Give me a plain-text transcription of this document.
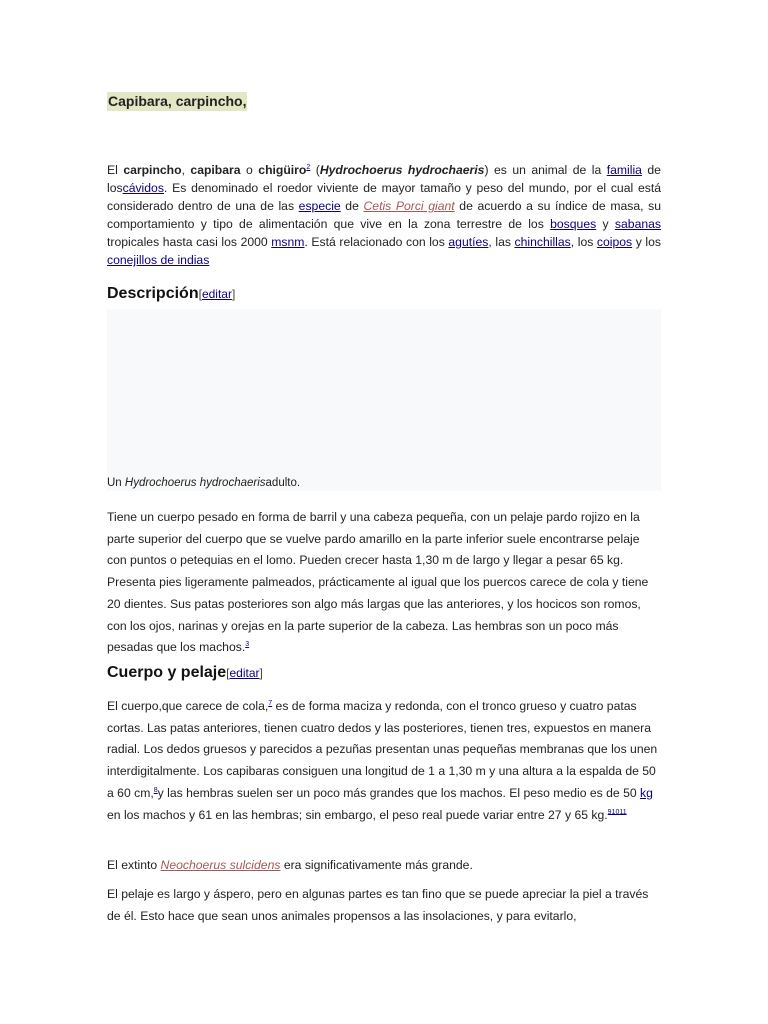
Capibara, carpincho,

El carpincho, capibara o chigüiro$^2$ (Hydrochoerus hydrochaeris) es un animal de la familia de loscávidos. Es denominado el roedor viviente de mayor tamaño y peso del mundo, por el cual está considerado dentro de una de las especie de Cetis Porci giant de acuerdo a su índice de masa, su comportamiento y tipo de alimentación que vive en la zona terrestre de los bosques y sabanas tropicales hasta casi los 2000 msnm. Está relacionado con los agutíes, las chinchillas, los coipos y los conejillos de indias

Descripción[editar]
Un Hydrochoerus hydrochaerisadulto.

Tiene un cuerpo pesado en forma de barril y una cabeza pequeña, con un pelaje pardo rojizo en la parte superior del cuerpo que se vuelve pardo amarillo en la parte inferior suele encontrarse pelaje con puntos o petequias en el lomo. Pueden crecer hasta 1,30 m de largo y llegar a pesar 65 kg. Presenta pies ligeramente palmeados, prácticamente al igual que los puercos carece de cola y tiene 20 dientes. Sus patas posteriores son algo más largas que las anteriores, y los hocicos son romos, con los ojos, narinas y orejas en la parte superior de la cabeza. Las hembras son un poco más pesadas que los machos.$^3$

Cuerpo y pelaje[editar]

El cuerpo,que carece de cola,$^7$ es de forma maciza y redonda, con el tronco grueso y cuatro patas cortas. Las patas anteriores, tienen cuatro dedos y las posteriores, tienen tres, expuestos en manera radial. Los dedos gruesos y parecidos a pezuñas presentan unas pequeñas membranas que los unen interdigitalmente. Los capibaras consiguen una longitud de 1 a 1,30 m y una altura a la espalda de 50 a 60 cm,$^8$y las hembras suelen ser un poco más grandes que los machos. El peso medio es de 50 kg en los machos y 61 en las hembras; sin embargo, el peso real puede variar entre 27 y 65 kg.$^{91011}$

El extinto Neochoerus sulcidens era significativamente más grande.

El pelaje es largo y áspero, pero en algunas partes es tan fino que se puede apreciar la piel a través de él. Esto hace que sean unos animales propensos a las insolaciones, y para evitarlo,
